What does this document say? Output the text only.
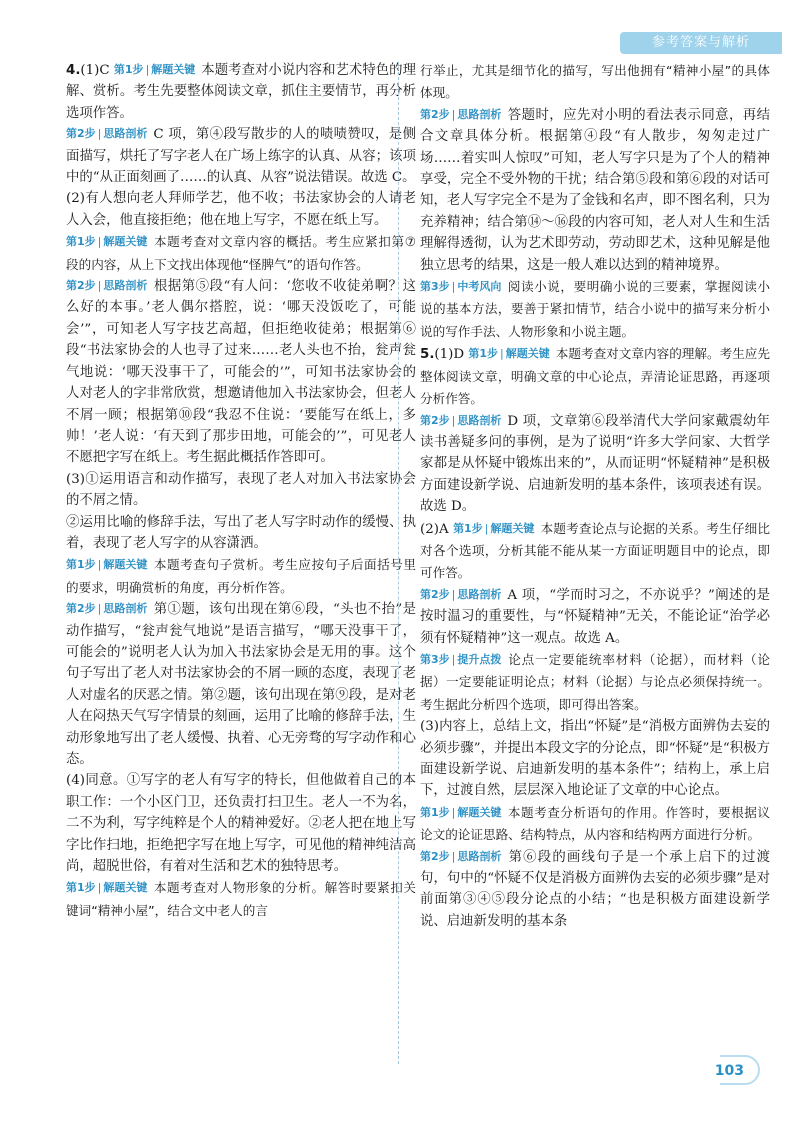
参考答案与解析

4.(1)C 第1步 | 解题关键 本题考查对小说内容和艺术特色的理解、赏析。考生先要整体阅读文章，抓住主要情节，再分析选项作答。

第2步 | 思路剖析 C 项，第④段写散步的人的啧啧赞叹，是侧面描写，烘托了写字老人在广场上练字的认真、从容；该项中的“从正面刻画了……的认真、从容”说法错误。故选 C。

(2)有人想向老人拜师学艺，他不收；书法家协会的人请老人入会，他直接拒绝；他在地上写字，不愿在纸上写。

第1步 | 解题关键 本题考查对文章内容的概括。考生应紧扣第⑦段的内容，从上下文找出体现他“怪脾气”的语句作答。

第2步 | 思路剖析 根据第⑤段“有人问：‘您收不收徒弟啊？这么好的本事。’老人偶尔搭腔，说：‘哪天没饭吃了，可能会’”，可知老人写字技艺高超，但拒绝收徒弟；根据第⑥段“书法家协会的人也寻了过来……老人头也不抬，瓮声瓮气地说：‘哪天没事干了，可能会的’”，可知书法家协会的人对老人的字非常欣赏，想邀请他加入书法家协会，但老人不屑一顾；根据第⑩段“我忍不住说：‘要能写在纸上，多帅！’老人说：‘有天到了那步田地，可能会的’”，可见老人不愿把字写在纸上。考生据此概括作答即可。

(3)①运用语言和动作描写，表现了老人对加入书法家协会的不屑之情。

②运用比喻的修辞手法，写出了老人写字时动作的缓慢、执着，表现了老人写字的从容潇洒。

第1步 | 解题关键 本题考查句子赏析。考生应按句子后面括号里的要求，明确赏析的角度，再分析作答。

第2步 | 思路剖析 第①题，该句出现在第⑥段，“头也不抬”是动作描写，“瓮声瓮气地说”是语言描写，“哪天没事干了，可能会的”说明老人认为加入书法家协会是无用的事。这个句子写出了老人对书法家协会的不屑一顾的态度，表现了老人对虚名的厌恶之情。第②题，该句出现在第⑨段，是对老人在闷热天气写字情景的刻画，运用了比喻的修辞手法，生动形象地写出了老人缓慢、执着、心无旁骛的写字动作和心态。

(4)同意。①写字的老人有写字的特长，但他做着自己的本职工作：一个小区门卫，还负责打扫卫生。老人一不为名，二不为利，写字纯粹是个人的精神爱好。②老人把在地上写字比作扫地，拒绝把字写在地上写字，可见他的精神纯洁高尚，超脱世俗，有着对生活和艺术的独特思考。

第1步 | 解题关键 本题考查对人物形象的分析。解答时要紧扣关键词“精神小屋”，结合文中老人的言

行举止，尤其是细节化的描写，写出他拥有“精神小屋”的具体体现。

第2步 | 思路剖析 答题时，应先对小明的看法表示同意，再结合文章具体分析。根据第④段“有人散步，匆匆走过广场……着实叫人惊叹”可知，老人写字只是为了个人的精神享受，完全不受外物的干扰；结合第⑤段和第⑥段的对话可知，老人写字完全不是为了金钱和名声，即不图名利，只为充养精神；结合第⑭～⑯段的内容可知，老人对人生和生活理解得透彻，认为艺术即劳动，劳动即艺术，这种见解是他独立思考的结果，这是一般人难以达到的精神境界。

第3步 | 中考风向 阅读小说，要明确小说的三要素，掌握阅读小说的基本方法，要善于紧扣情节，结合小说中的描写来分析小说的写作手法、人物形象和小说主题。

5.(1)D 第1步 | 解题关键 本题考查对文章内容的理解。考生应先整体阅读文章，明确文章的中心论点，弄清论证思路，再逐项分析作答。

第2步 | 思路剖析 D 项，文章第⑥段举清代大学问家戴震幼年读书善疑多问的事例，是为了说明“许多大学问家、大哲学家都是从怀疑中锻炼出来的”，从而证明“怀疑精神”是积极方面建设新学说、启迪新发明的基本条件，该项表述有误。故选 D。

(2)A 第1步 | 解题关键 本题考查论点与论据的关系。考生仔细比对各个选项，分析其能不能从某一方面证明题目中的论点，即可作答。

第2步 | 思路剖析 A 项，“学而时习之，不亦说乎？”阐述的是按时温习的重要性，与“怀疑精神”无关，不能论证“治学必须有怀疑精神”这一观点。故选 A。

第3步 | 提升点拨 论点一定要能统率材料（论据），而材料（论据）一定要能证明论点；材料（论据）与论点必须保持统一。考生据此分析四个选项，即可得出答案。

(3)内容上，总结上文，指出“怀疑”是“消极方面辨伪去妄的必须步骤”，并提出本段文字的分论点，即“怀疑”是“积极方面建设新学说、启迪新发明的基本条件”；结构上，承上启下，过渡自然，层层深入地论证了文章的中心论点。

第1步 | 解题关键 本题考查分析语句的作用。作答时，要根据议论文的论证思路、结构特点，从内容和结构两方面进行分析。

第2步 | 思路剖析 第⑥段的画线句子是一个承上启下的过渡句，句中的“怀疑不仅是消极方面辨伪去妄的必须步骤”是对前面第③④⑤段分论点的小结；“也是积极方面建设新学说、启迪新发明的基本条

103
